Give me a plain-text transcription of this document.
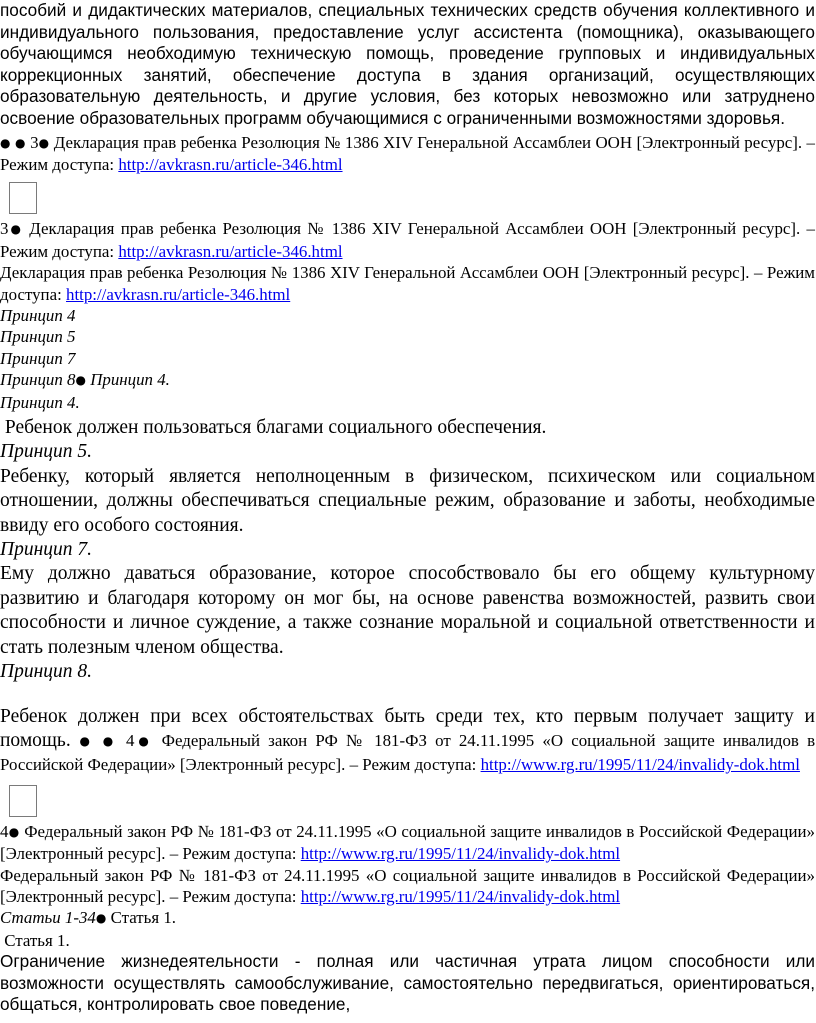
пособий и дидактических материалов, специальных технических средств обучения коллективного и индивидуального пользования, предоставление услуг ассистента (помощника), оказывающего обучающимся необходимую техническую помощь, проведение групповых и индивидуальных коррекционных занятий, обеспечение доступа в здания организаций, осуществляющих образовательную деятельность, и другие условия, без которых невозможно или затруднено освоение образовательных программ обучающимися с ограниченными возможностями здоровья.

● ● 3● Декларация прав ребенка Резолюция № 1386 XIV Генеральной Ассамблеи ООН [Электронный ресурс]. – Режим доступа: http://avkrasn.ru/article-346.html

3● Декларация прав ребенка Резолюция № 1386 XIV Генеральной Ассамблеи ООН [Электронный ресурс]. – Режим доступа: http://avkrasn.ru/article-346.html

Декларация прав ребенка Резолюция № 1386 XIV Генеральной Ассамблеи ООН [Электронный ресурс]. – Режим доступа: http://avkrasn.ru/article-346.html

Принцип 4

Принцип 5

Принцип 7

Принцип 8● Принцип 4.

Принцип 4.

Ребенок должен пользоваться благами социального обеспечения.

Принцип 5.

Ребенку, который является неполноценным в физическом, психическом или социальном отношении, должны обеспечиваться специальные режим, образование и заботы, необходимые ввиду его особого состояния.

Принцип 7.

Ему должно даваться образование, которое способствовало бы его общему культурному развитию и благодаря которому он мог бы, на основе равенства возможностей, развить свои способности и личное суждение, а также сознание моральной и социальной ответственности и стать полезным членом общества.

Принцип 8.

Ребенок должен при всех обстоятельствах быть среди тех, кто первым получает защиту и помощь. ● ● 4● Федеральный закон РФ № 181-ФЗ от 24.11.1995 «О социальной защите инвалидов в Российской Федерации» [Электронный ресурс]. – Режим доступа: http://www.rg.ru/1995/11/24/invalidy-dok.html

4● Федеральный закон РФ № 181-ФЗ от 24.11.1995 «О социальной защите инвалидов в Российской Федерации» [Электронный ресурс]. – Режим доступа: http://www.rg.ru/1995/11/24/invalidy-dok.html

Федеральный закон РФ № 181-ФЗ от 24.11.1995 «О социальной защите инвалидов в Российской Федерации» [Электронный ресурс]. – Режим доступа: http://www.rg.ru/1995/11/24/invalidy-dok.html

Статьи 1-34● Статья 1.

Статья 1.

Ограничение жизнедеятельности - полная или частичная утрата лицом способности или возможности осуществлять самообслуживание, самостоятельно передвигаться, ориентироваться, общаться, контролировать свое поведение,
